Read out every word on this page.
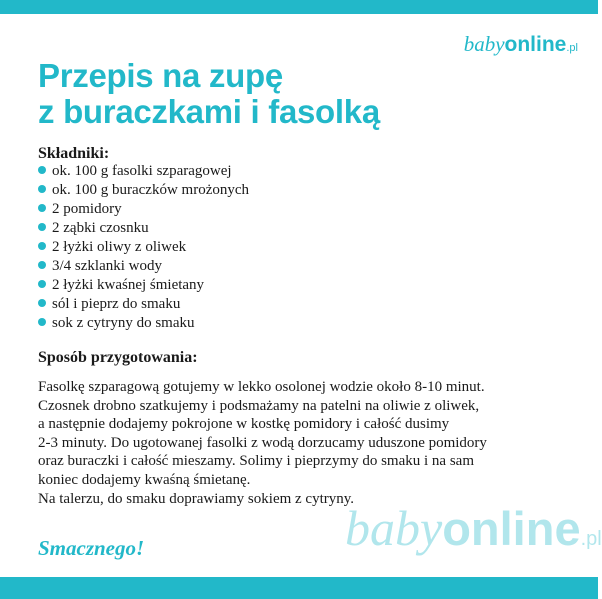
babyonline.pl
Przepis na zupę
z buraczkami i fasolką
Składniki:
ok. 100 g fasolki szparagowej
ok. 100 g buraczków mrożonych
2 pomidory
2 ząbki czosnku
2 łyżki oliwy z oliwek
3/4 szklanki wody
2 łyżki kwaśnej śmietany
sól i pieprz do smaku
sok z cytryny do smaku
Sposób przygotowania:
Fasolkę szparagową gotujemy w lekko osolonej wodzie około 8-10 minut.
Czosnek drobno szatkujemy i podsmażamy na patelni na oliwie z oliwek,
a następnie dodajemy pokrojone w kostkę pomidory i całość dusimy
2-3 minuty. Do ugotowanej fasolki z wodą dorzucamy uduszone pomidory
oraz buraczki i całość mieszamy. Solimy i pieprzymy do smaku i na sam
koniec dodajemy kwaśną śmietanę.
Na talerzu, do smaku doprawiamy sokiem z cytryny.

Smacznego!	babyonline.pl
